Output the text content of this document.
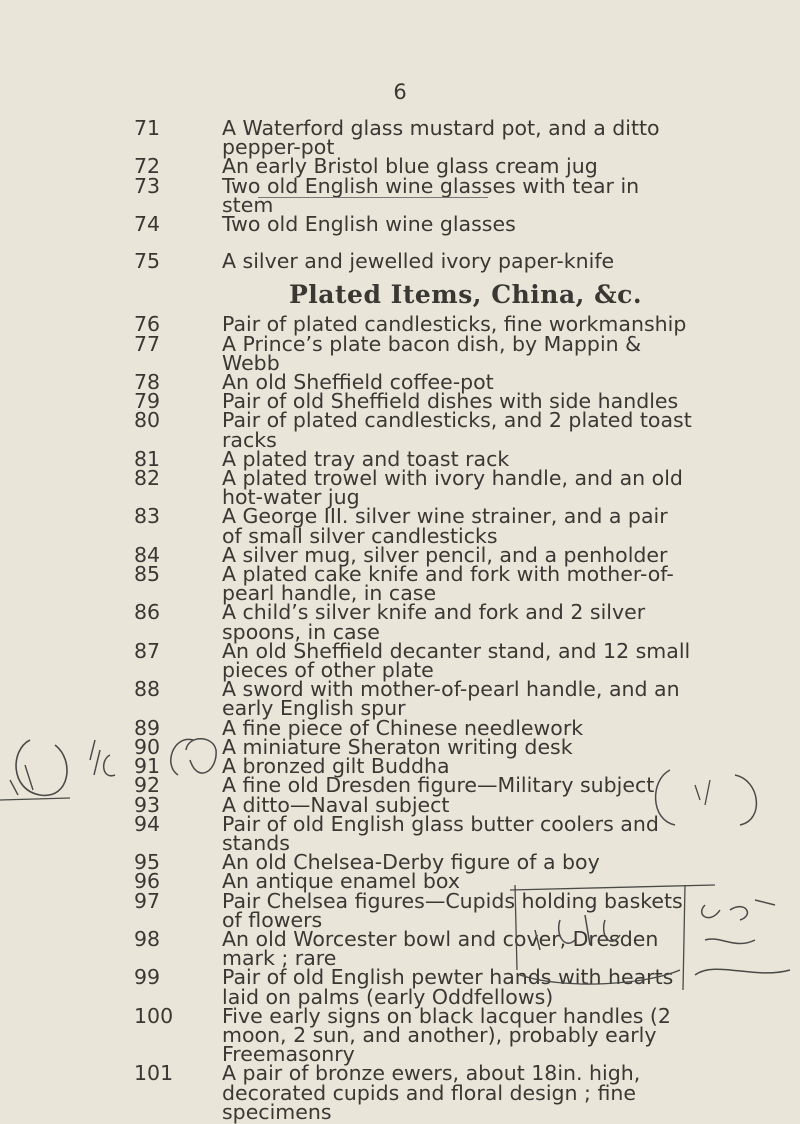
6
71	A Waterford glass mustard pot, and a ditto pepper-pot
72	An early Bristol blue glass cream jug
73	Two old English wine glasses with tear in stem
74	Two old English wine glasses
75	A silver and jewelled ivory paper-knife
Plated Items, China, &c.
76	Pair of plated candlesticks, fine workmanship
77	A Prince’s plate bacon dish, by Mappin & Webb
78	An old Sheffield coffee-pot
79	Pair of old Sheffield dishes with side handles
80	Pair of plated candlesticks, and 2 plated toast racks
81	A plated tray and toast rack
82	A plated trowel with ivory handle, and an old hot-water jug
83	A George III. silver wine strainer, and a pair of small silver candlesticks
84	A silver mug, silver pencil, and a penholder
85	A plated cake knife and fork with mother-of-pearl handle, in case
86	A child’s silver knife and fork and 2 silver spoons, in case
87	An old Sheffield decanter stand, and 12 small pieces of other plate
88	A sword with mother-of-pearl handle, and an early English spur
89	A fine piece of Chinese needlework
90	A miniature Sheraton writing desk
91	A bronzed gilt Buddha
92	A fine old Dresden figure—Military subject
93	A ditto—Naval subject
94	Pair of old English glass butter coolers and stands
95	An old Chelsea-Derby figure of a boy
96	An antique enamel box
97	Pair Chelsea figures—Cupids holding baskets of flowers
98	An old Worcester bowl and cover, Dresden mark ; rare
99	Pair of old English pewter hands with hearts laid on palms (early Oddfellows)
100	Five early signs on black lacquer handles (2 moon, 2 sun, and another), probably early Freemasonry
101	A pair of bronze ewers, about 18in. high, decorated cupids and floral design ; fine specimens
